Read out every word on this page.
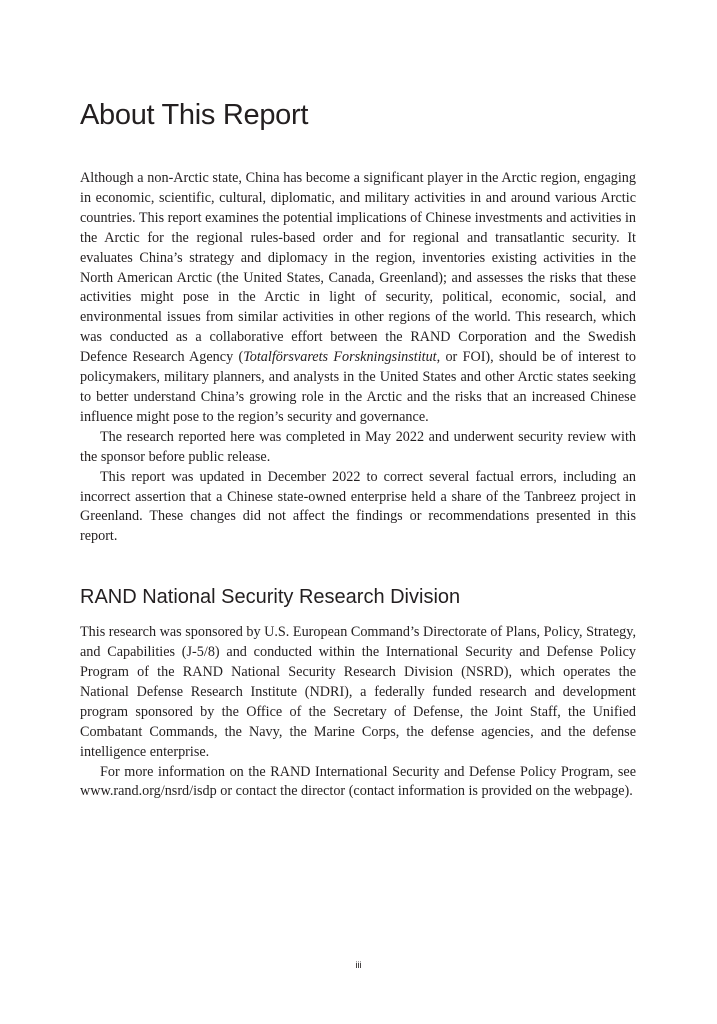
About This Report

Although a non-Arctic state, China has become a significant player in the Arctic region, engaging in economic, scientific, cultural, diplomatic, and military activities in and around various Arctic countries. This report examines the potential implications of Chinese investments and activities in the Arctic for the regional rules-based order and for regional and transatlantic security. It evaluates China’s strategy and diplomacy in the region, inventories existing activities in the North American Arctic (the United States, Canada, Greenland); and assesses the risks that these activities might pose in the Arctic in light of security, political, economic, social, and environmental issues from similar activities in other regions of the world. This research, which was conducted as a collaborative effort between the RAND Corporation and the Swedish Defence Research Agency (Totalförsvarets Forskningsinstitut, or FOI), should be of interest to policymakers, military planners, and analysts in the United States and other Arctic states seeking to better understand China’s growing role in the Arctic and the risks that an increased Chinese influence might pose to the region’s security and governance.

The research reported here was completed in May 2022 and underwent security review with the sponsor before public release.

This report was updated in December 2022 to correct several factual errors, including an incorrect assertion that a Chinese state-owned enterprise held a share of the Tanbreez project in Greenland. These changes did not affect the findings or recommendations presented in this report.

RAND National Security Research Division

This research was sponsored by U.S. European Command’s Directorate of Plans, Policy, Strategy, and Capabilities (J-5/8) and conducted within the International Security and Defense Policy Program of the RAND National Security Research Division (NSRD), which operates the National Defense Research Institute (NDRI), a federally funded research and development program sponsored by the Office of the Secretary of Defense, the Joint Staff, the Unified Combatant Commands, the Navy, the Marine Corps, the defense agencies, and the defense intelligence enterprise.

For more information on the RAND International Security and Defense Policy Program, see www.rand.org/nsrd/isdp or contact the director (contact information is provided on the webpage).

iii
